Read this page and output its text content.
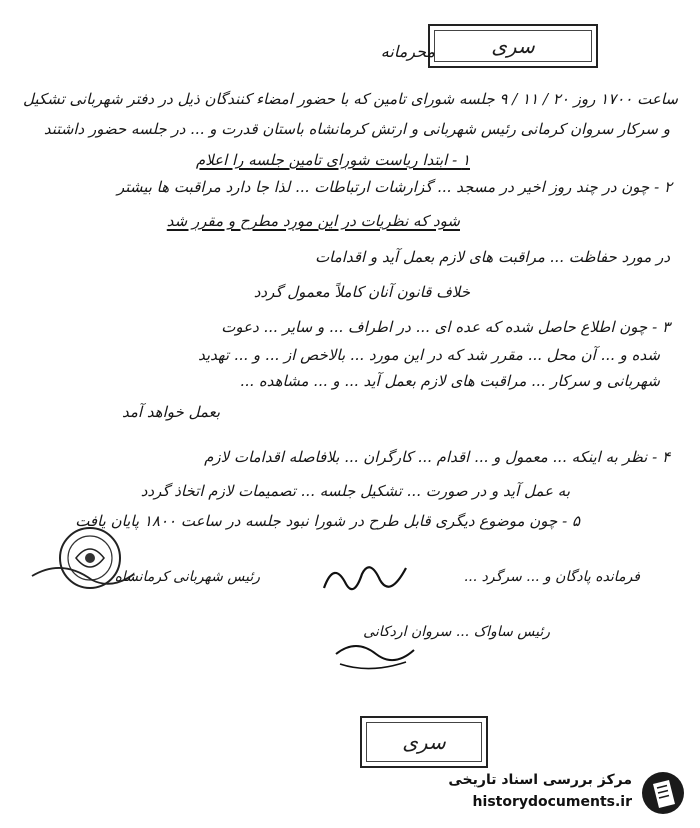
سری
محرمانه
ساعت ۱۷۰۰ روز ۲۰ / ۱۱ / ۹ جلسه شورای تامین که با حضور امضاء کنندگان ذیل در دفتر شهربانی تشکیل
و سرکار سروان کرمانی رئیس شهربانی و ارتش کرمانشاه باستان قدرت و ... در جلسه حضور داشتند
۱ - ابتدا ریاست شورای تامین جلسه را اعلام
۲ - چون در چند روز اخیر در مسجد ... گزارشات ارتباطات ... لذا جا دارد مراقبت ها بیشتر
شود که نظریات در این مورد مطرح و مقرر شد
در مورد حفاظت ... مراقبت های لازم بعمل آید و اقدامات
خلاف قانون آنان کاملاً معمول گردد
۳ - چون اطلاع حاصل شده که عده ای ... در اطراف ... و سایر ... دعوت
شده و ... آن محل ... مقرر شد که در این مورد ... بالاخص از ... و ... تهدید
شهربانی و سرکار ... مراقبت های لازم بعمل آید ... و ... مشاهده ...
بعمل خواهد آمد
۴ - نظر به اینکه ... معمول و ... اقدام ... کارگران ... بلافاصله اقدامات لازم
به عمل آید و در صورت ... تشکیل جلسه ... تصمیمات لازم اتخاذ گردد
۵ - چون موضوع دیگری قابل طرح در شورا نبود جلسه در ساعت ۱۸۰۰ پایان یافت
رئیس شهربانی کرمانشاه	فرمانده پادگان و ... سرگرد ...
رئیس ساواک ... سروان اردکانی
سری
مرکز بررسی اسناد تاریخی
historydocuments.ir
